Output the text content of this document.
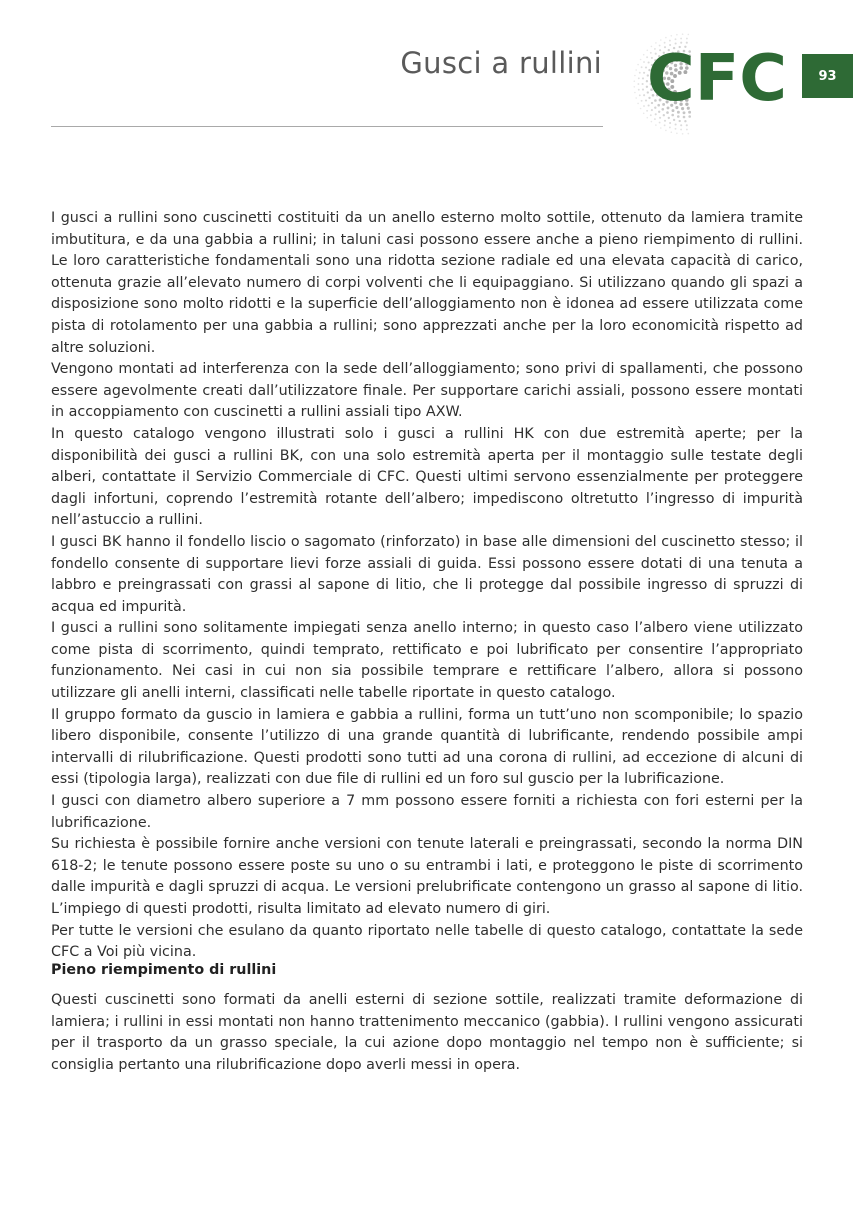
Gusci a rullini CFC 93

I gusci a rullini sono cuscinetti costituiti da un anello esterno molto sottile, ottenuto da lamiera tramite imbutitura, e da una gabbia a rullini; in taluni casi possono essere anche a pieno riempimento di rullini. Le loro caratteristiche fondamentali sono una ridotta sezione radiale ed una elevata capacità di carico, ottenuta grazie all’elevato numero di corpi volventi che li equipaggiano. Si utilizzano quando gli spazi a disposizione sono molto ridotti e la superficie dell’alloggiamento non è idonea ad essere utilizzata come pista di rotolamento per una gabbia a rullini; sono apprezzati anche per la loro economicità rispetto ad altre soluzioni.

Vengono montati ad interferenza con la sede dell’alloggiamento; sono privi di spallamenti, che possono essere agevolmente creati dall’utilizzatore finale. Per supportare carichi assiali, possono essere montati in accoppiamento con cuscinetti a rullini assiali tipo AXW.

In questo catalogo vengono illustrati solo i gusci a rullini HK con due estremità aperte; per la disponibilità dei gusci a rullini BK, con una solo estremità aperta per il montaggio sulle testate degli alberi, contattate il Servizio Commerciale di CFC. Questi ultimi servono essenzialmente per proteggere dagli infortuni, coprendo l’estremità rotante dell’albero; impediscono oltretutto l’ingresso di impurità nell’astuccio a rullini.

I gusci BK hanno il fondello liscio o sagomato (rinforzato) in base alle dimensioni del cuscinetto stesso; il fondello consente di supportare lievi forze assiali di guida. Essi possono essere dotati di una tenuta a labbro e preingrassati con grassi al sapone di litio, che li protegge dal possibile ingresso di spruzzi di acqua ed impurità.

I gusci a rullini sono solitamente impiegati senza anello interno; in questo caso l’albero viene utilizzato come pista di scorrimento, quindi temprato, rettificato e poi lubrificato per consentire l’appropriato funzionamento. Nei casi in cui non sia possibile temprare e rettificare l’albero, allora si possono utilizzare gli anelli interni, classificati nelle tabelle riportate in questo catalogo.

Il gruppo formato da guscio in lamiera e gabbia a rullini, forma un tutt’uno non scomponibile; lo spazio libero disponibile, consente l’utilizzo di una grande quantità di lubrificante, rendendo possibile ampi intervalli di rilubrificazione. Questi prodotti sono tutti ad una corona di rullini, ad eccezione di alcuni di essi (tipologia larga), realizzati con due file di rullini ed un foro sul guscio per la lubrificazione.

I gusci con diametro albero superiore a 7 mm possono essere forniti a richiesta con fori esterni per la lubrificazione.

Su richiesta è possibile fornire anche versioni con tenute laterali e preingrassati, secondo la norma DIN 618-2; le tenute possono essere poste su uno o su entrambi i lati, e proteggono le piste di scorrimento dalle impurità e dagli spruzzi di acqua. Le versioni prelubrificate contengono un grasso al sapone di litio. L’impiego di questi prodotti, risulta limitato ad elevato numero di giri.

Per tutte le versioni che esulano da quanto riportato nelle tabelle di questo catalogo, contattate la sede CFC a Voi più vicina.

Pieno riempimento di rullini

Questi cuscinetti sono formati da anelli esterni di sezione sottile, realizzati tramite deformazione di lamiera; i rullini in essi montati non hanno trattenimento meccanico (gabbia). I rullini vengono assicurati per il trasporto da un grasso speciale, la cui azione dopo montaggio nel tempo non è sufficiente; si consiglia pertanto una rilubrificazione dopo averli messi in opera.
